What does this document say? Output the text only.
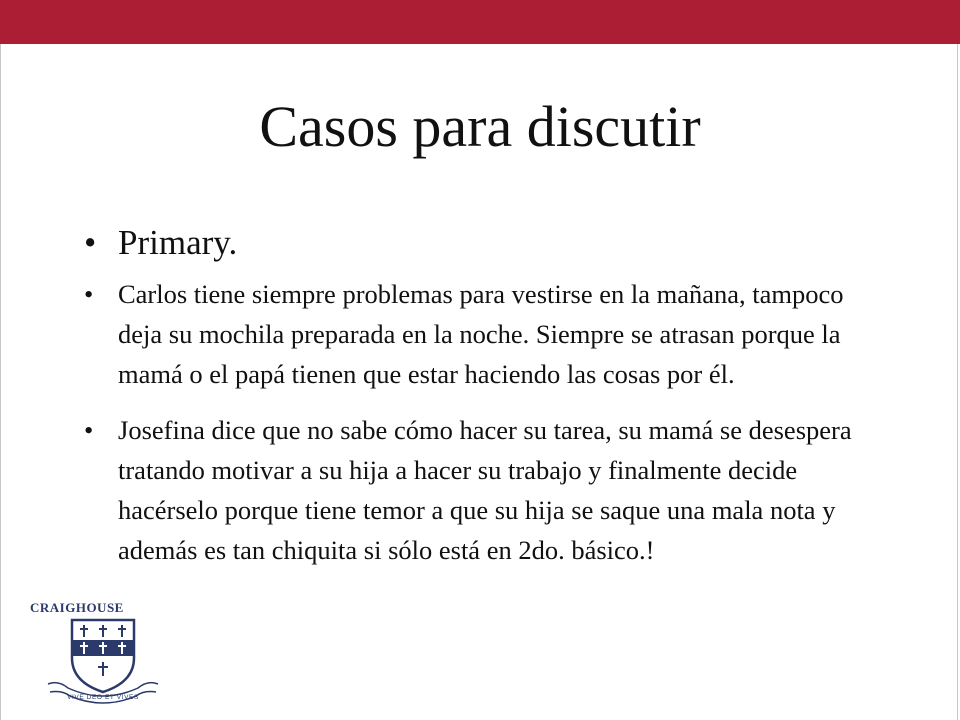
Casos para discutir
• Primary.
• Carlos tiene siempre problemas para vestirse en la mañana, tampoco deja su mochila preparada en la noche. Siempre se atrasan porque la mamá o el papá tienen que estar haciendo las cosas por él.
• Josefina dice que no sabe cómo hacer su tarea, su mamá se desespera tratando motivar a su hija a hacer su trabajo y finalmente decide hacérselo porque tiene temor a que su hija se saque una mala nota y además es tan chiquita si sólo está en 2do. básico.!
CRAIGHOUSE
VIVE DEO ET VIVES
